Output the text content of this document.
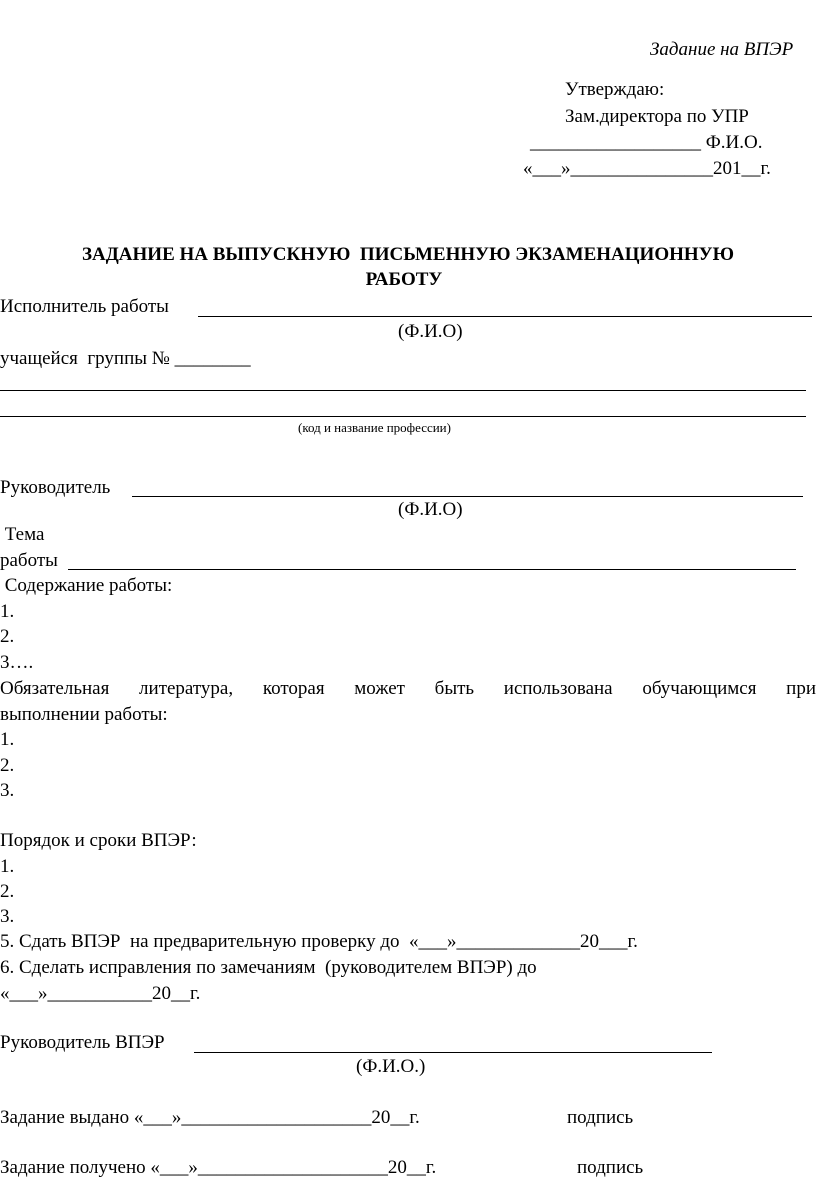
Задание на ВПЭР
Утверждаю:
Зам.директора по УПР
__________________ Ф.И.О.
«___»_______________201__г.
ЗАДАНИЕ НА ВЫПУСКНУЮ  ПИСЬМЕННУЮ ЭКЗАМЕНАЦИОННУЮ
РАБОТУ
Исполнитель работы
(Ф.И.О)
учащейся  группы № ________
(код и название профессии)
Руководитель
(Ф.И.О)
Тема
работы
Содержание работы:
1.
2.
3….
Обязательная литература, которая может быть использована обучающимся при
выполнении работы:
1.
2.
3.
Порядок и сроки ВПЭР:
1.
2.
3.
5. Сдать ВПЭР  на предварительную проверку до  «___»_____________20___г.
6. Сделать исправления по замечаниям  (руководителем ВПЭР) до
«___»___________20__г.
Руководитель ВПЭР
(Ф.И.О.)
Задание выдано «___»____________________20__г.	подпись
Задание получено «___»____________________20__г.	подпись
